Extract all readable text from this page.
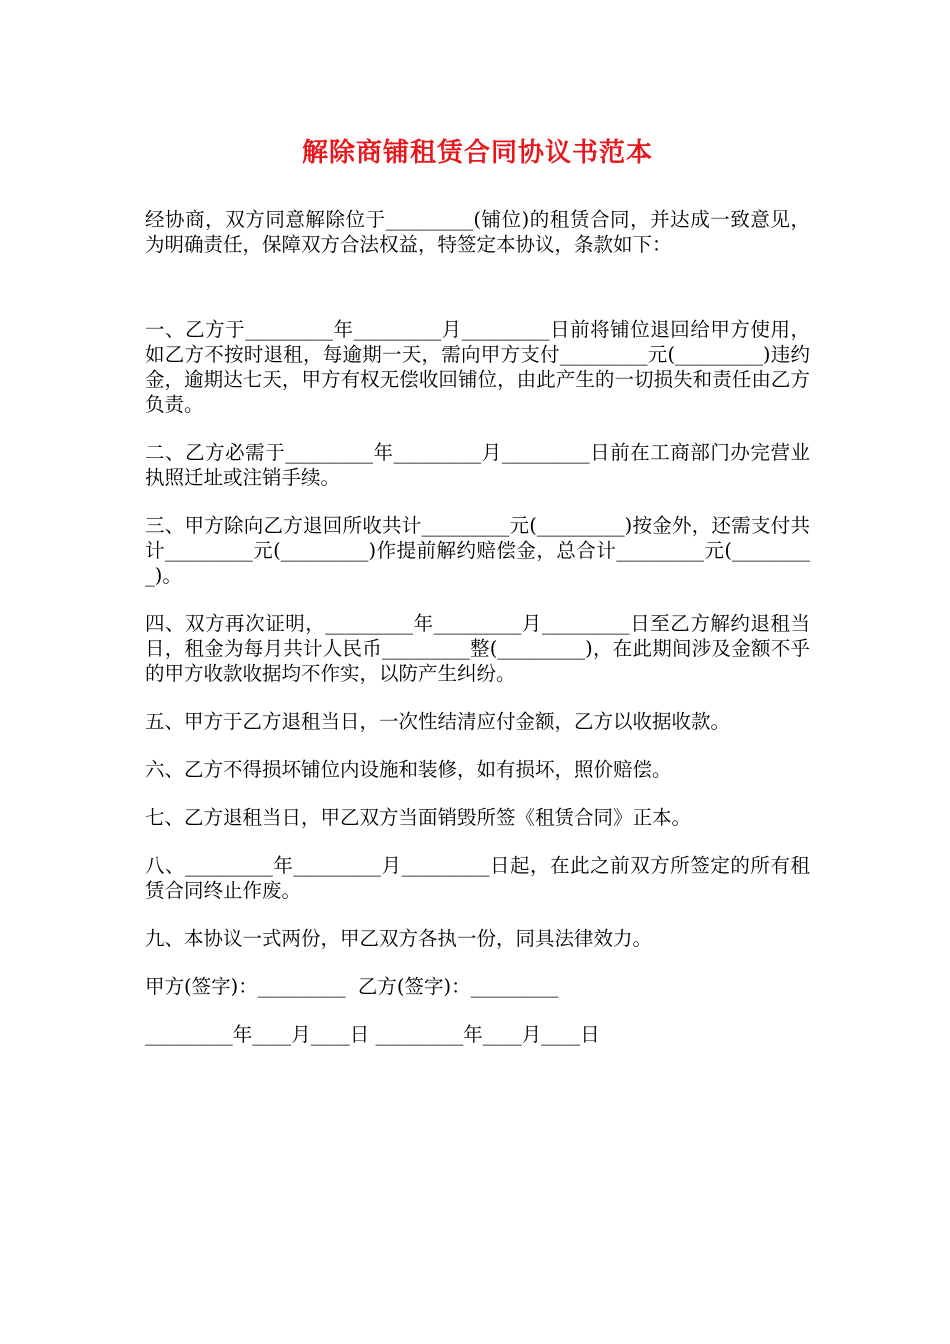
解除商铺租赁合同协议书范本

经协商，双方同意解除位于_________(铺位)的租赁合同，并达成一致意见，为明确责任，保障双方合法权益，特签定本协议，条款如下：

一、乙方于_________年_________月_________日前将铺位退回给甲方使用，如乙方不按时退租，每逾期一天，需向甲方支付_________元(_________)违约金，逾期达七天，甲方有权无偿收回铺位，由此产生的一切损失和责任由乙方负责。

二、乙方必需于_________年_________月_________日前在工商部门办完营业执照迁址或注销手续。

三、甲方除向乙方退回所收共计_________元(_________)按金外，还需支付共计_________元(_________)作提前解约赔偿金，总合计_________元(_________)。

四、双方再次证明，_________年_________月_________日至乙方解约退租当日，租金为每月共计人民币_________整(_________)，在此期间涉及金额不乎的甲方收款收据均不作实，以防产生纠纷。

五、甲方于乙方退租当日，一次性结清应付金额，乙方以收据收款。

六、乙方不得损坏铺位内设施和装修，如有损坏，照价赔偿。

七、乙方退租当日，甲乙双方当面销毁所签《租赁合同》正本。

八、_________年_________月_________日起，在此之前双方所签定的所有租赁合同终止作废。

九、本协议一式两份，甲乙双方各执一份，同具法律效力。

甲方(签字)：_________  乙方(签字)：_________

_________年____月____日 _________年____月____日
